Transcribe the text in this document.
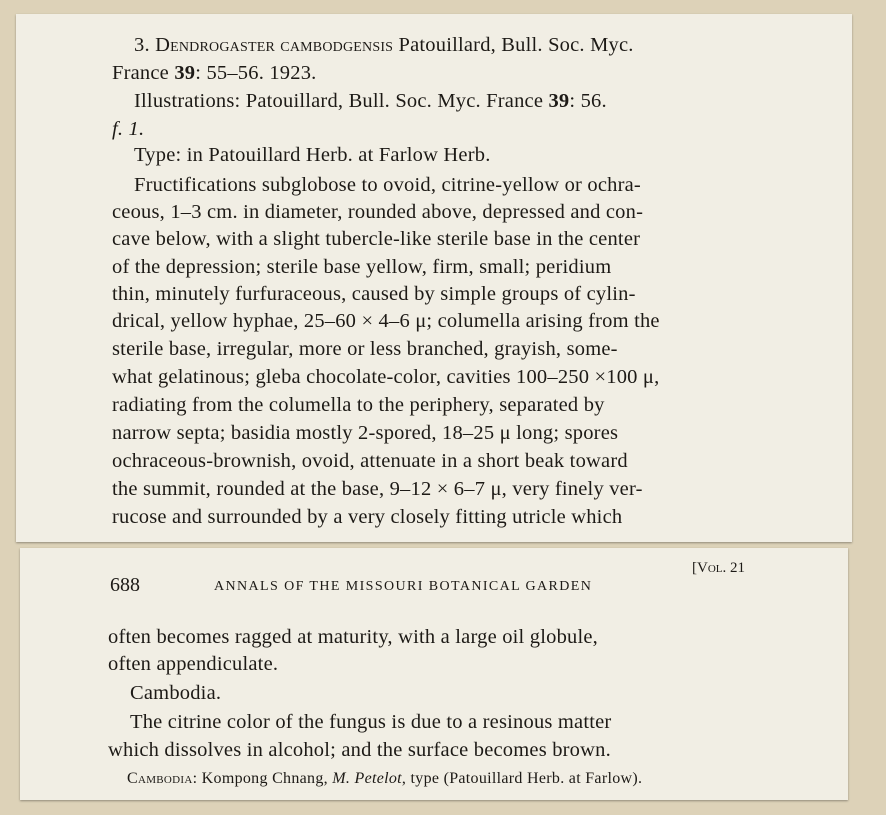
3. Dendrogaster cambodgensis Patouillard, Bull. Soc. Myc.
France 39: 55–56. 1923.
Illustrations: Patouillard, Bull. Soc. Myc. France 39: 56.
f. 1.
Type: in Patouillard Herb. at Farlow Herb.
Fructifications subglobose to ovoid, citrine-yellow or ochra-
ceous, 1–3 cm. in diameter, rounded above, depressed and con-
cave below, with a slight tubercle-like sterile base in the center
of the depression; sterile base yellow, firm, small; peridium
thin, minutely furfuraceous, caused by simple groups of cylin-
drical, yellow hyphae, 25–60 × 4–6 μ; columella arising from the
sterile base, irregular, more or less branched, grayish, some-
what gelatinous; gleba chocolate-color, cavities 100–250 ×100 μ,
radiating from the columella to the periphery, separated by
narrow septa; basidia mostly 2-spored, 18–25 μ long; spores
ochraceous-brownish, ovoid, attenuate in a short beak toward
the summit, rounded at the base, 9–12 × 6–7 μ, very finely ver-
rucose and surrounded by a very closely fitting utricle which
688	ANNALS OF THE MISSOURI BOTANICAL GARDEN
[Vol. 21
often becomes ragged at maturity, with a large oil globule,
often appendiculate.
Cambodia.
The citrine color of the fungus is due to a resinous matter
which dissolves in alcohol; and the surface becomes brown.
Cambodia: Kompong Chnang, M. Petelot, type (Patouillard Herb. at Farlow).
